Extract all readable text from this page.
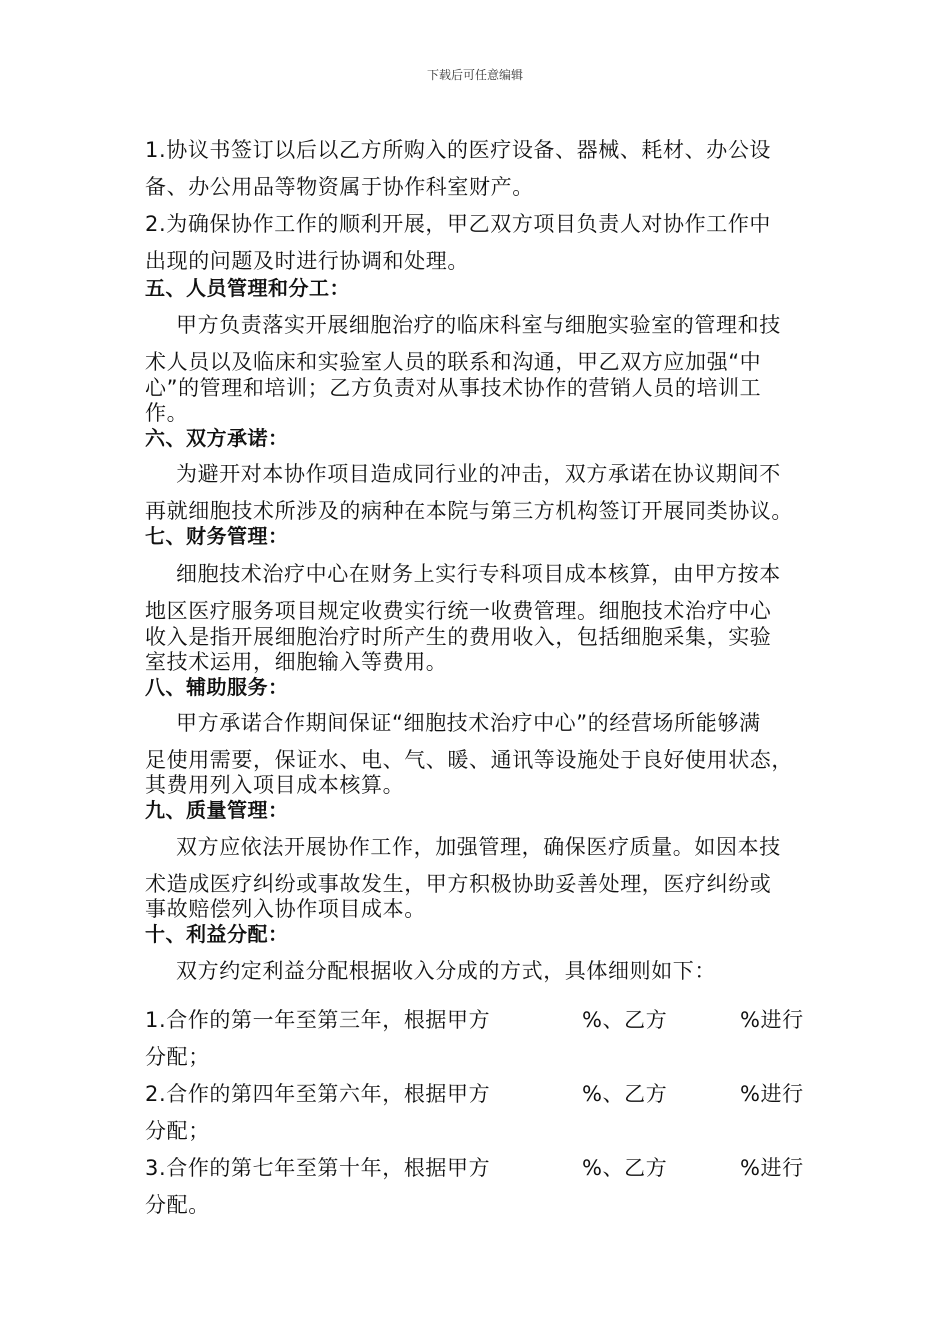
下载后可任意编辑
1.协议书签订以后以乙方所购入的医疗设备、器械、耗材、办公设
备、办公用品等物资属于协作科室财产。
2.为确保协作工作的顺利开展，甲乙双方项目负责人对协作工作中
出现的问题及时进行协调和处理。
五、人员管理和分工：
甲方负责落实开展细胞治疗的临床科室与细胞实验室的管理和技
术人员以及临床和实验室人员的联系和沟通，甲乙双方应加强“中
心”的管理和培训；乙方负责对从事技术协作的营销人员的培训工
作。
六、双方承诺：
为避开对本协作项目造成同行业的冲击，双方承诺在协议期间不
再就细胞技术所涉及的病种在本院与第三方机构签订开展同类协议。
七、财务管理：
细胞技术治疗中心在财务上实行专科项目成本核算，由甲方按本
地区医疗服务项目规定收费实行统一收费管理。细胞技术治疗中心
收入是指开展细胞治疗时所产生的费用收入，包括细胞采集，实验
室技术运用，细胞输入等费用。
八、辅助服务：
甲方承诺合作期间保证“细胞技术治疗中心”的经营场所能够满
足使用需要，保证水、电、气、暖、通讯等设施处于良好使用状态，
其费用列入项目成本核算。
九、质量管理：
双方应依法开展协作工作，加强管理，确保医疗质量。如因本技
术造成医疗纠纷或事故发生，甲方积极协助妥善处理，医疗纠纷或
事故赔偿列入协作项目成本。
十、利益分配：
双方约定利益分配根据收入分成的方式，具体细则如下：
1.合作的第一年至第三年，根据甲方	%、乙方	%进行
分配；
2.合作的第四年至第六年，根据甲方	%、乙方	%进行
分配；
3.合作的第七年至第十年，根据甲方	%、乙方	%进行
分配。
